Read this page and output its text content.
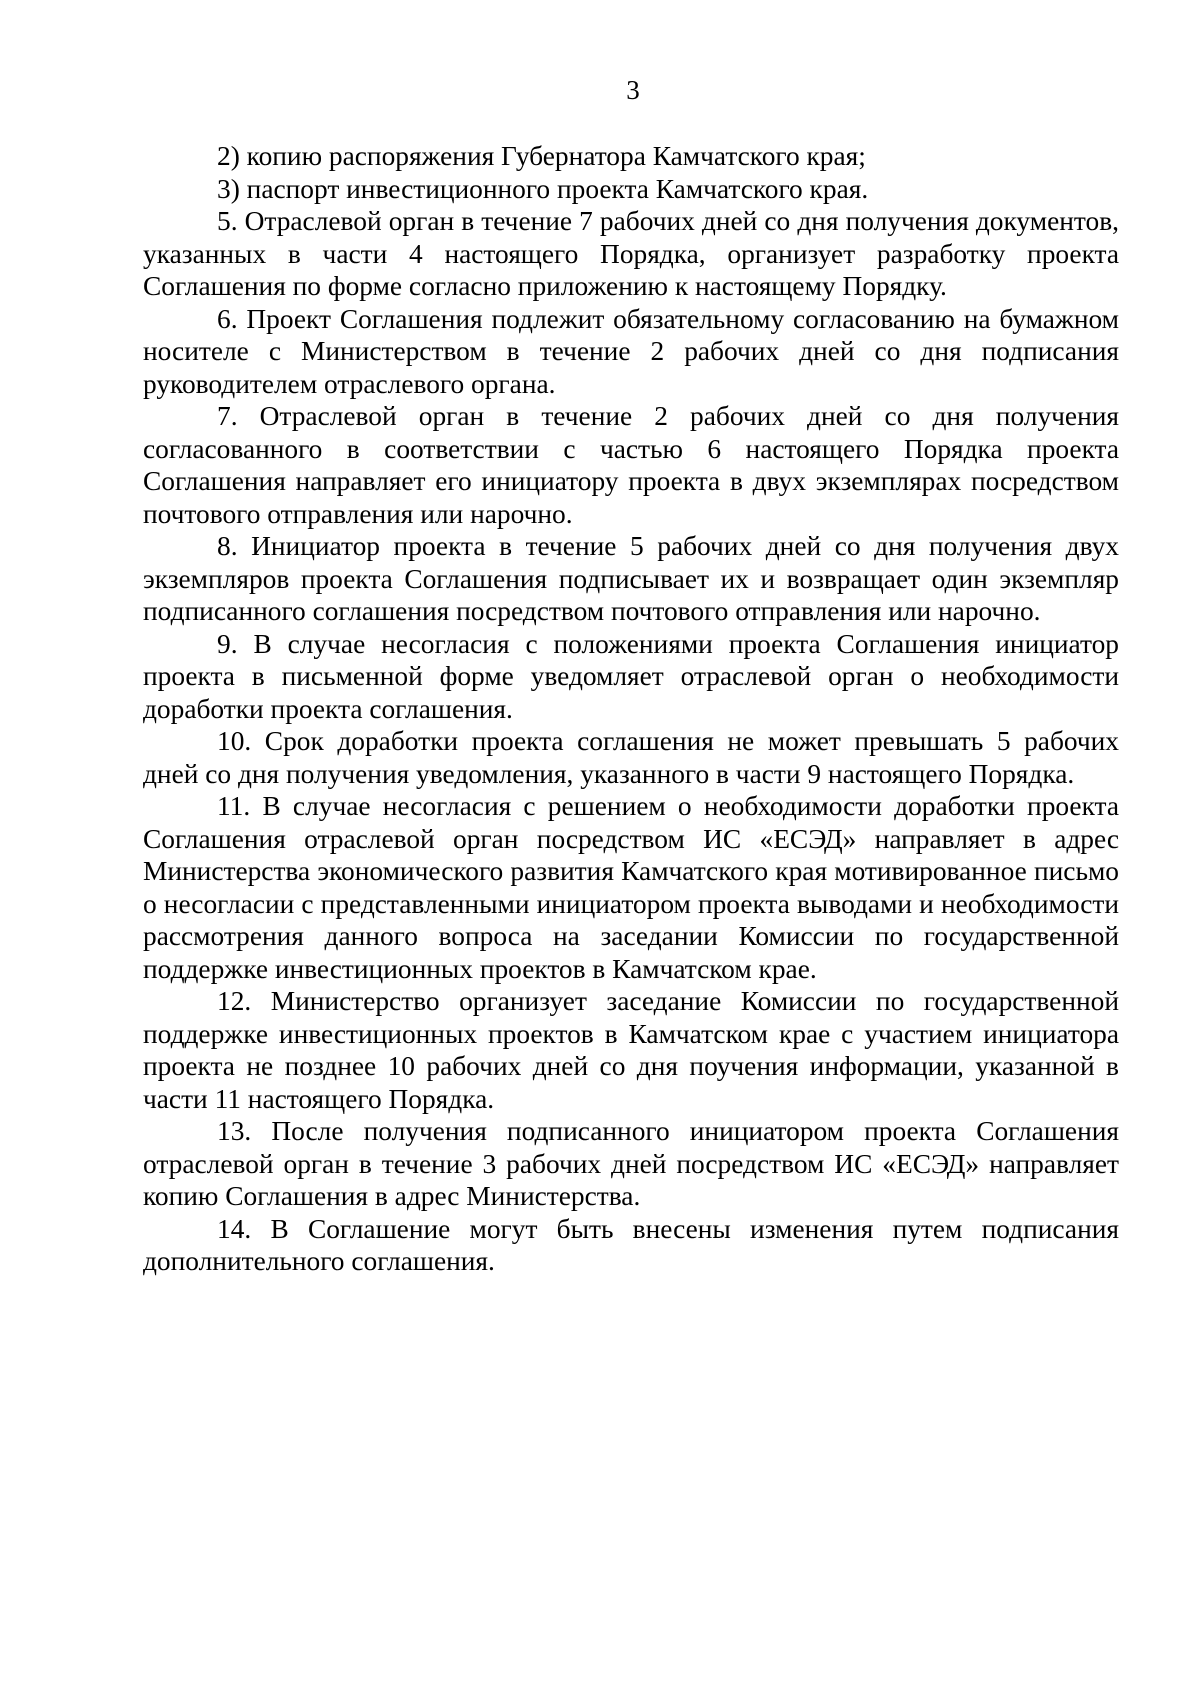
3

2) копию распоряжения Губернатора Камчатского края;

3) паспорт инвестиционного проекта Камчатского края.

5. Отраслевой орган в течение 7 рабочих дней со дня получения документов, указанных в части 4 настоящего Порядка, организует разработку проекта Соглашения по форме согласно приложению к настоящему Порядку.

6. Проект Соглашения подлежит обязательному согласованию на бумажном носителе с Министерством в течение 2 рабочих дней со дня подписания руководителем отраслевого органа.

7. Отраслевой орган в течение 2 рабочих дней со дня получения согласованного в соответствии с частью 6 настоящего Порядка проекта Соглашения направляет его инициатору проекта в двух экземплярах посредством почтового отправления или нарочно.

8. Инициатор проекта в течение 5 рабочих дней со дня получения двух экземпляров проекта Соглашения подписывает их и возвращает один экземпляр подписанного соглашения посредством почтового отправления или нарочно.

9. В случае несогласия с положениями проекта Соглашения инициатор проекта в письменной форме уведомляет отраслевой орган о необходимости доработки проекта соглашения.

10. Срок доработки проекта соглашения не может превышать 5 рабочих дней со дня получения уведомления, указанного в части 9 настоящего Порядка.

11. В случае несогласия с решением о необходимости доработки проекта Соглашения отраслевой орган посредством ИС «ЕСЭД» направляет в адрес Министерства экономического развития Камчатского края мотивированное письмо о несогласии с представленными инициатором проекта выводами и необходимости рассмотрения данного вопроса на заседании Комиссии по государственной поддержке инвестиционных проектов в Камчатском крае.

12. Министерство организует заседание Комиссии по государственной поддержке инвестиционных проектов в Камчатском крае с участием инициатора проекта не позднее 10 рабочих дней со дня поучения информации, указанной в части 11 настоящего Порядка.

13. После получения подписанного инициатором проекта Соглашения отраслевой орган в течение 3 рабочих дней посредством ИС «ЕСЭД» направляет копию Соглашения в адрес Министерства.

14. В Соглашение могут быть внесены изменения путем подписания дополнительного соглашения.
